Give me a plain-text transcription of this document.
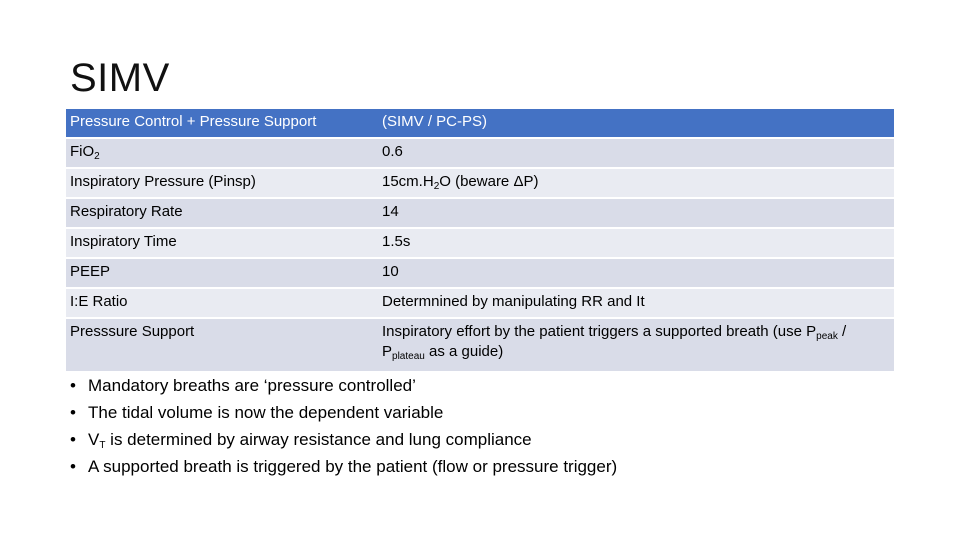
SIMV
Pressure Control + Pressure Support	(SIMV / PC-PS)
FiO$_2$	0.6
Inspiratory Pressure (Pinsp)	$15cm.H_2O$ (beware ΔP)
Respiratory Rate	14
Inspiratory Time	1.5s
PEEP	10
I:E Ratio	Determnined by manipulating RR and It
Presssure Support	Inspiratory effort by the patient triggers a supported breath (use $P_{peak} / P_{plateau}$ as a guide)
• Mandatory breaths are ‘pressure controlled’
• The tidal volume is now the dependent variable
• $V_T$ is determined by airway resistance and lung compliance
• A supported breath is triggered by the patient (flow or pressure trigger)
